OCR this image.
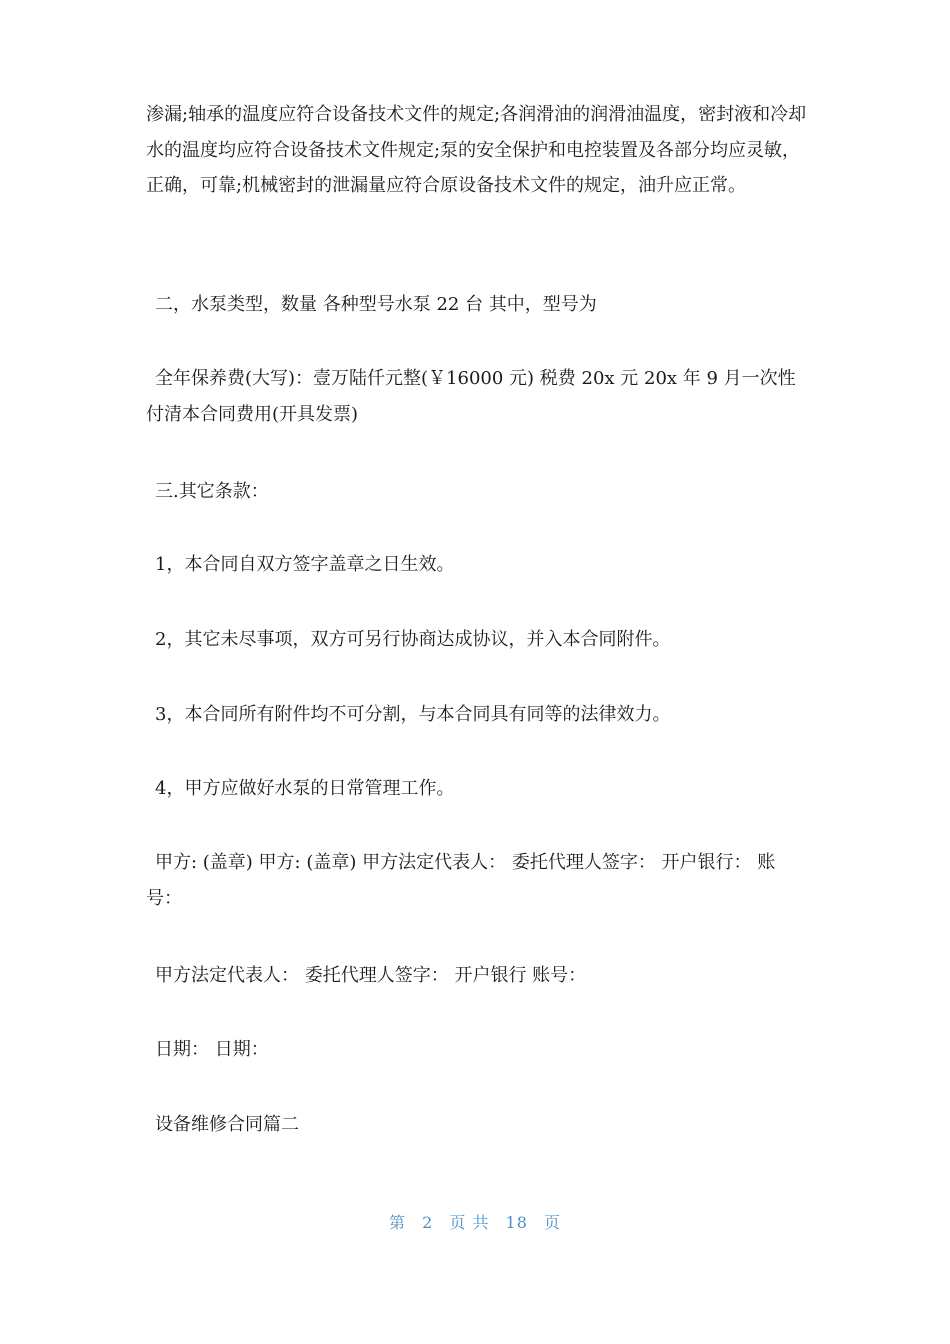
渗漏;轴承的温度应符合设备技术文件的规定;各润滑油的润滑油温度，密封液和冷却水的温度均应符合设备技术文件规定;泵的安全保护和电控装置及各部分均应灵敏，正确，可靠;机械密封的泄漏量应符合原设备技术文件的规定，油升应正常。

二，水泵类型，数量 各种型号水泵 22 台 其中，型号为

全年保养费(大写)：壹万陆仟元整(￥16000 元) 税费 20x 元 20x 年 9 月一次性付清本合同费用(开具发票)

三.其它条款：

1，本合同自双方签字盖章之日生效。

2，其它未尽事项，双方可另行协商达成协议，并入本合同附件。

3，本合同所有附件均不可分割，与本合同具有同等的法律效力。

4，甲方应做好水泵的日常管理工作。

甲方: (盖章) 甲方: (盖章) 甲方法定代表人： 委托代理人签字： 开户银行： 账号：

甲方法定代表人： 委托代理人签字： 开户银行 账号：

日期： 日期：

设备维修合同篇二

第 2 页 共 18 页
